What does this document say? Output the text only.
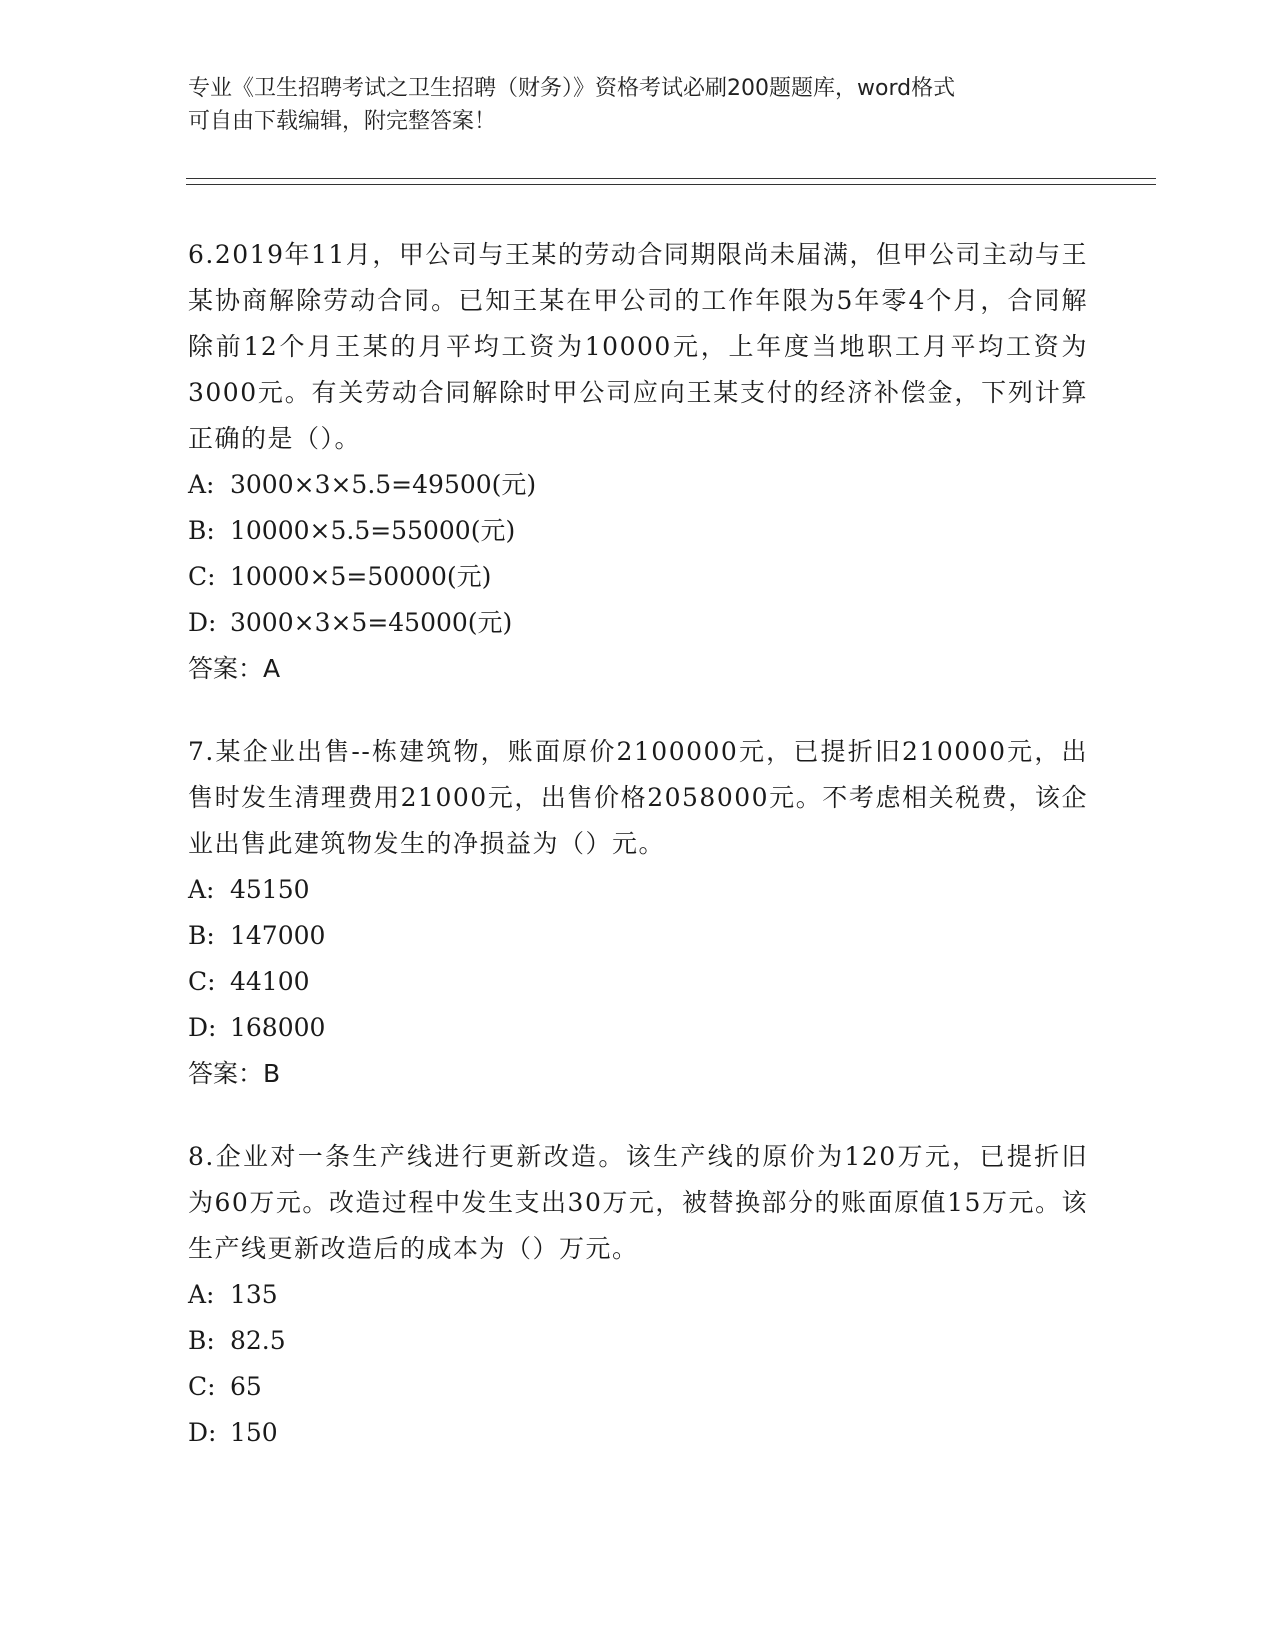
专业《卫生招聘考试之卫生招聘（财务）》资格考试必刷200题题库，word格式
可自由下载编辑，附完整答案！
6.2019年11月，甲公司与王某的劳动合同期限尚未届满，但甲公司主动与王某协商解除劳动合同。已知王某在甲公司的工作年限为5年零4个月，合同解除前12个月王某的月平均工资为10000元，上年度当地职工月平均工资为3000元。有关劳动合同解除时甲公司应向王某支付的经济补偿金，下列计算正确的是（）。
A: 3000×3×5.5=49500(元)
B: 10000×5.5=55000(元)
C: 10000×5=50000(元)
D: 3000×3×5=45000(元)
答案：A
7.某企业出售--栋建筑物，账面原价2100000元，已提折旧210000元，出售时发生清理费用21000元，出售价格2058000元。不考虑相关税费，该企业出售此建筑物发生的净损益为（）元。
A: 45150
B: 147000
C: 44100
D: 168000
答案：B
8.企业对一条生产线进行更新改造。该生产线的原价为120万元，已提折旧为60万元。改造过程中发生支出30万元，被替换部分的账面原值15万元。该生产线更新改造后的成本为（）万元。
A: 135
B: 82.5
C: 65
D: 150
